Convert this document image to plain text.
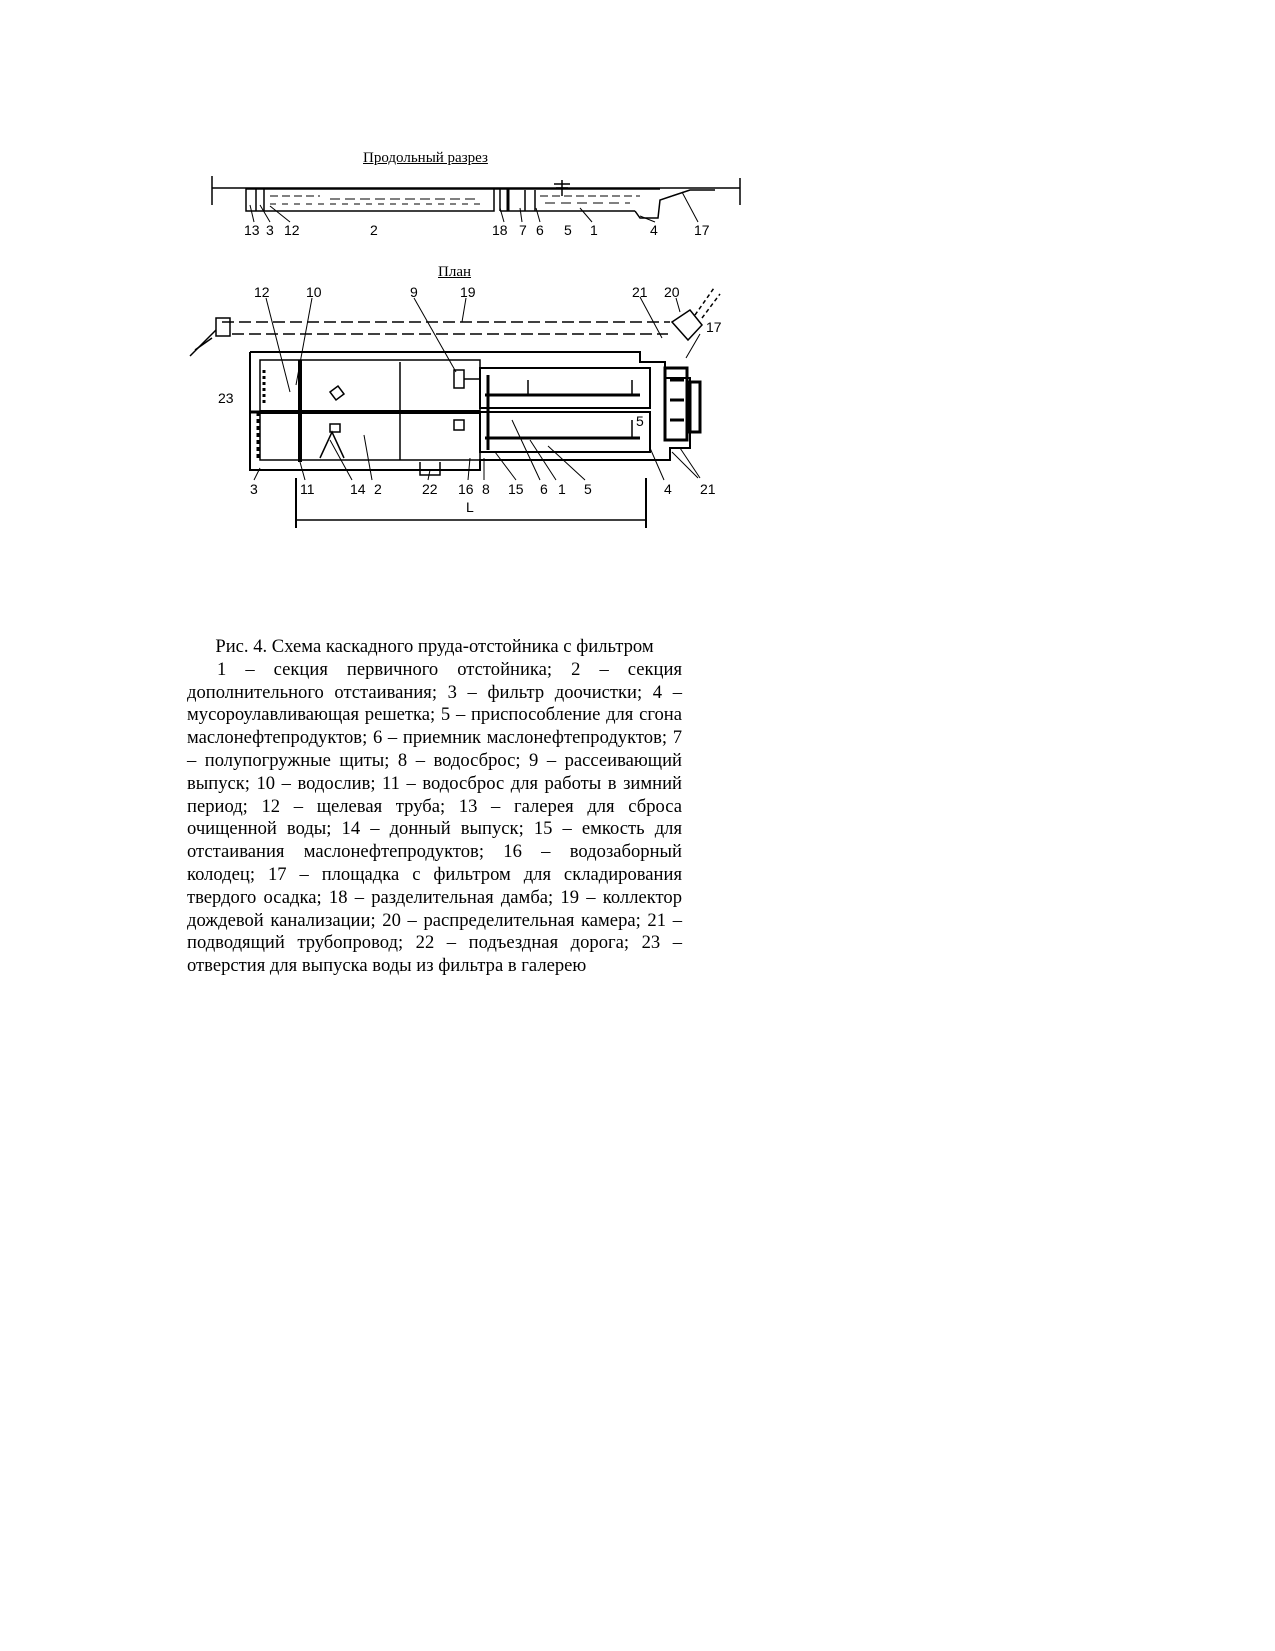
Продольный разрез
План
13 3 12	2	18 7 6 5 1	4	17
12	10	9	19	21 20
17
23
5
3	11	14 2	22 16 8 15 6 1 5	4 21
L
Рис. 4. Схема каскадного пруда-отстойника с фильтром
1 – секция первичного отстойника; 2 – секция дополнительного отстаивания; 3 – фильтр доочистки; 4 – мусороулавливающая решетка; 5 – приспособление для сгона маслонефтепродуктов; 6 – приемник маслонефтепродуктов; 7 – полупогружные щиты; 8 – водосброс; 9 – рассеивающий выпуск; 10 – водослив; 11 – водосброс для работы в зимний период; 12 – щелевая труба; 13 – галерея для сброса очищенной воды; 14 – донный выпуск; 15 – емкость для отстаивания маслонефтепродуктов; 16 – водозаборный колодец; 17 – площадка с фильтром для складирования твердого осадка; 18 – разделительная дамба; 19 – коллектор дождевой канализации; 20 – распределительная камера; 21 – подводящий трубопровод; 22 – подъездная дорога; 23 – отверстия для выпуска воды из фильтра в галерею
